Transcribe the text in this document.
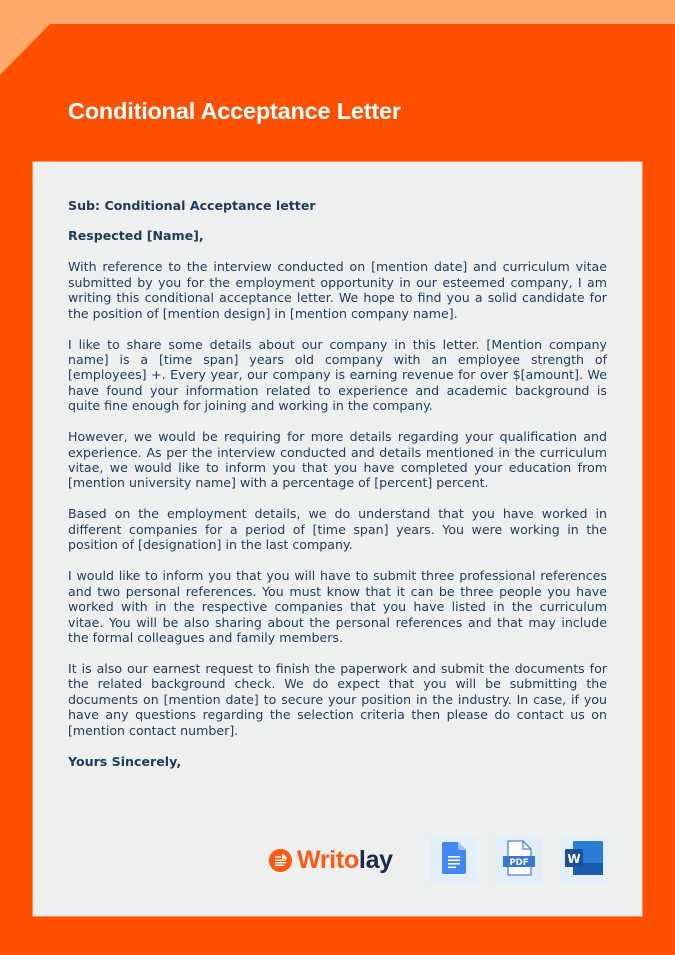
Conditional Acceptance Letter

Sub: Conditional Acceptance letter

Respected [Name],

With reference to the interview conducted on [mention date] and curriculum vitae submitted by you for the employment opportunity in our esteemed company, I am writing this conditional acceptance letter. We hope to find you a solid candidate for the position of [mention design] in [mention company name].

I like to share some details about our company in this letter. [Mention company name] is a [time span] years old company with an employee strength of [employees] +. Every year, our company is earning revenue for over $[amount]. We have found your information related to experience and academic background is quite fine enough for joining and working in the company.

However, we would be requiring for more details regarding your qualification and experience. As per the interview conducted and details mentioned in the curriculum vitae, we would like to inform you that you have completed your education from [mention university name] with a percentage of [percent] percent.

Based on the employment details, we do understand that you have worked in different companies for a period of [time span] years. You were working in the position of [designation] in the last company.

I would like to inform you that you will have to submit three professional references and two personal references. You must know that it can be three people you have worked with in the respective companies that you have listed in the curriculum vitae. You will be also sharing about the personal references and that may include the formal colleagues and family members.

It is also our earnest request to finish the paperwork and submit the documents for the related background check. We do expect that you will be submitting the documents on [mention date] to secure your position in the industry. In case, if you have any questions regarding the selection criteria then please do contact us on [mention contact number].

Yours Sincerely,

Writolay	PDF	W
